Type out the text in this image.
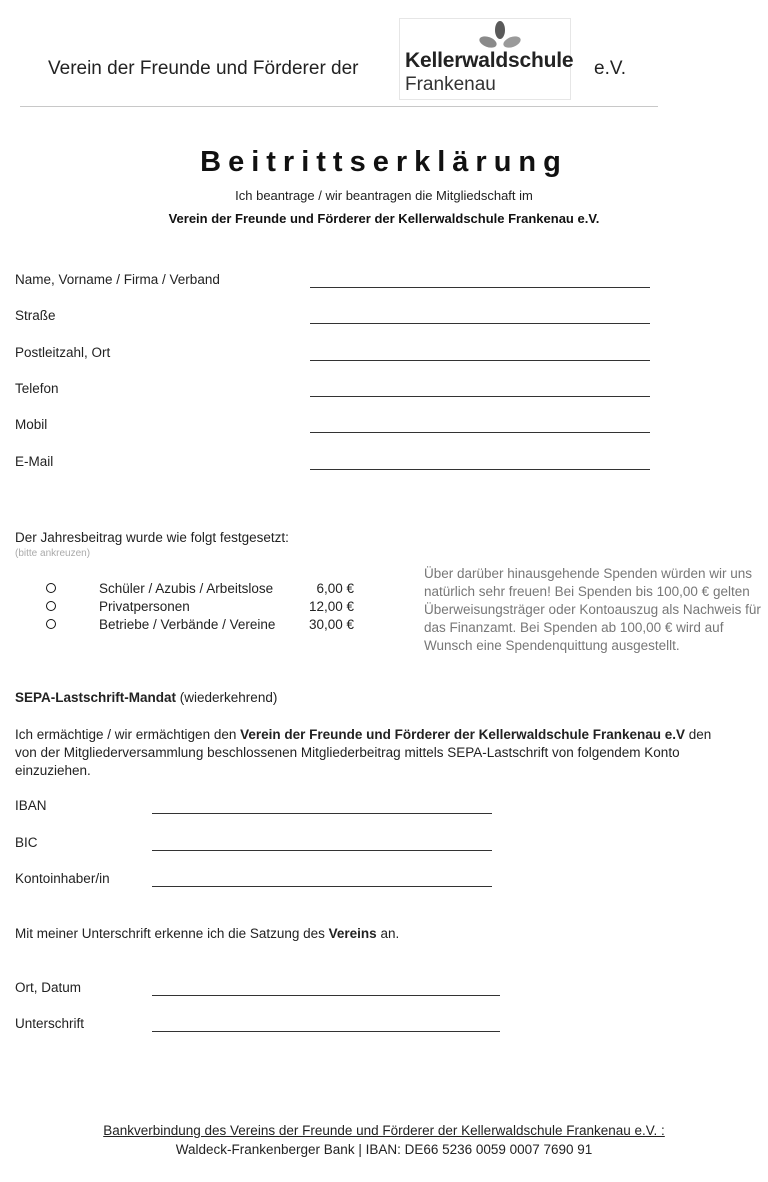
Verein der Freunde und Förderer der Kellerwaldschule
Frankenau
e.V.
Beitrittserklärung
Ich beantrage / wir beantragen die Mitgliedschaft im
Verein der Freunde und Förderer der Kellerwaldschule Frankenau e.V.
Name, Vorname / Firma / Verband
Straße
Postleitzahl, Ort
Telefon
Mobil
E-Mail
Der Jahresbeitrag wurde wie folgt festgesetzt:
(bitte ankreuzen)
Schüler / Azubis / Arbeitslose	6,00 €
Privatpersonen	12,00 €
Betriebe / Verbände / Vereine	30,00 €
Über darüber hinausgehende Spenden würden wir uns natürlich sehr freuen! Bei Spenden bis 100,00 € gelten Überweisungsträger oder Kontoauszug als Nachweis für das Finanzamt. Bei Spenden ab 100,00 € wird auf Wunsch eine Spendenquittung ausgestellt.
SEPA-Lastschrift-Mandat (wiederkehrend)
Ich ermächtige / wir ermächtigen den Verein der Freunde und Förderer der Kellerwaldschule Frankenau e.V den von der Mitgliederversammlung beschlossenen Mitgliederbeitrag mittels SEPA-Lastschrift von folgendem Konto einzuziehen.
IBAN
BIC
Kontoinhaber/in
Mit meiner Unterschrift erkenne ich die Satzung des Vereins an.
Ort, Datum
Unterschrift
Bankverbindung des Vereins der Freunde und Förderer der Kellerwaldschule Frankenau e.V. :
Waldeck-Frankenberger Bank | IBAN: DE66 5236 0059 0007 7690 91
